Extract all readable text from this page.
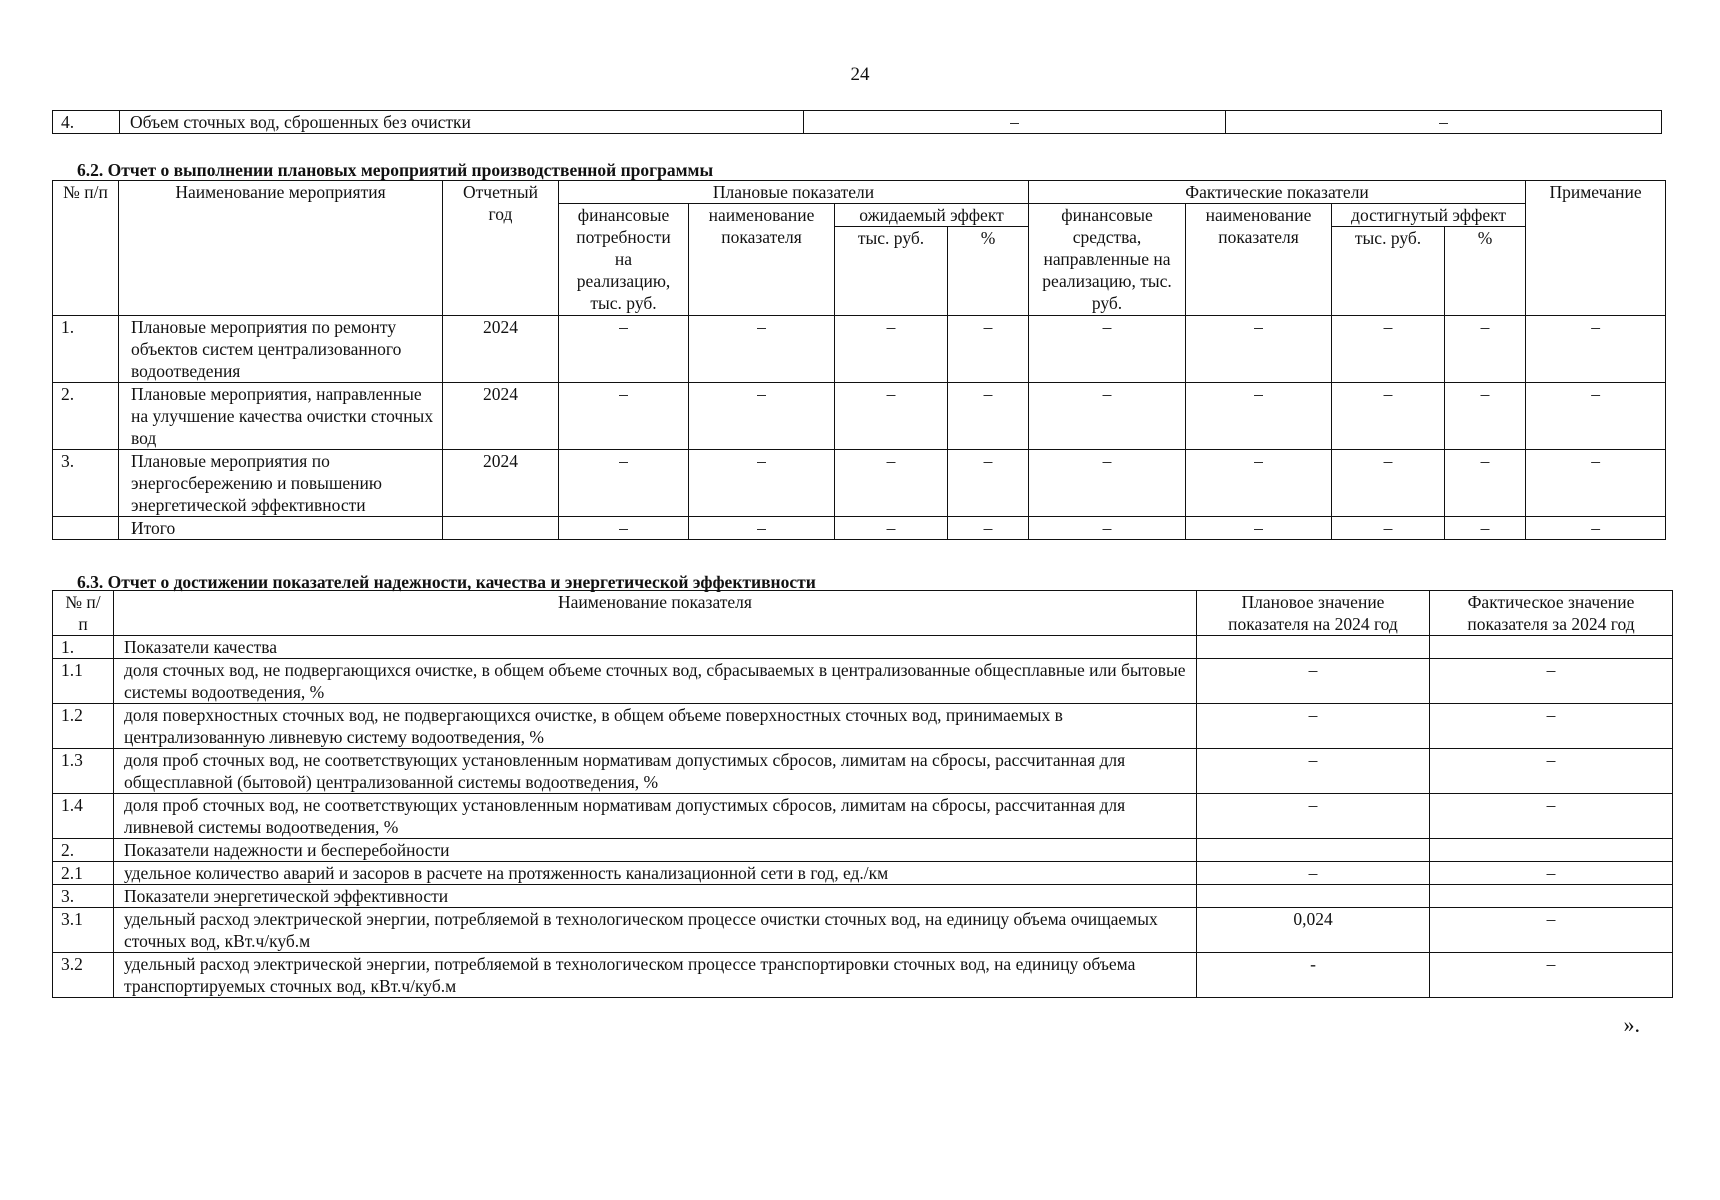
24
4.	Объем сточных вод, сброшенных без очистки	–	–
6.2. Отчет о выполнении плановых мероприятий производственной программы
№ п/п	Наименование мероприятия	Отчетный год	Плановые показатели				Фактические показатели				Примечание
			финансовые потребности на реализацию, тыс. руб.	наименование показателя	ожидаемый эффект		финансовые средства, направленные на реализацию, тыс. руб.	наименование показателя	достигнутый эффект		
					тыс. руб.	%			тыс. руб.	%	
1.	Плановые мероприятия по ремонту объектов систем централизованного водоотведения	2024	–	–	–	–	–	–	–	–	–
2.	Плановые мероприятия, направленные на улучшение качества очистки сточных вод	2024	–	–	–	–	–	–	–	–	–
3.	Плановые мероприятия по энергосбережению и повышению энергетической эффективности	2024	–	–	–	–	–	–	–	–	–
	Итого		–	–	–	–	–	–	–	–	–
6.3. Отчет о достижении показателей надежности, качества и энергетической эффективности
№ п/п	Наименование показателя	Плановое значение показателя на 2024 год	Фактическое значение показателя за 2024 год
1.	Показатели качества		
1.1	доля сточных вод, не подвергающихся очистке, в общем объеме сточных вод, сбрасываемых в централизованные общесплавные или бытовые системы водоотведения, %	–	–
1.2	доля поверхностных сточных вод, не подвергающихся очистке, в общем объеме поверхностных сточных вод, принимаемых в централизованную ливневую систему водоотведения, %	–	–
1.3	доля проб сточных вод, не соответствующих установленным нормативам допустимых сбросов, лимитам на сбросы, рассчитанная для общесплавной (бытовой) централизованной системы водоотведения, %	–	–
1.4	доля проб сточных вод, не соответствующих установленным нормативам допустимых сбросов, лимитам на сбросы, рассчитанная для ливневой системы водоотведения, %	–	–
2.	Показатели надежности и бесперебойности		
2.1	удельное количество аварий и засоров в расчете на протяженность канализационной сети в год, ед./км	–	–
3.	Показатели энергетической эффективности		
3.1	удельный расход электрической энергии, потребляемой в технологическом процессе очистки сточных вод, на единицу объема очищаемых сточных вод, кВт.ч/куб.м	0,024	–
3.2	удельный расход электрической энергии, потребляемой в технологическом процессе транспортировки сточных вод, на единицу объема транспортируемых сточных вод, кВт.ч/куб.м	-	–
».
